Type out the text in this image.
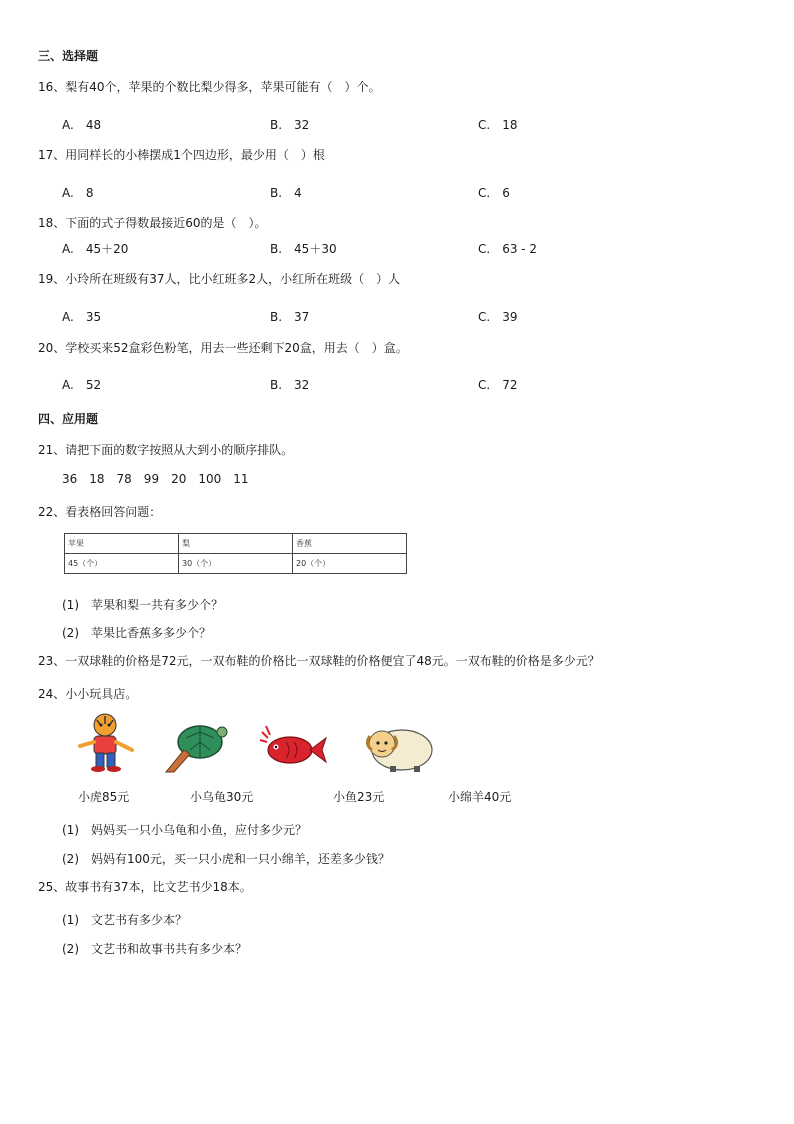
三、选择题
16、梨有40个，苹果的个数比梨少得多，苹果可能有（　）个。
A.　48	B.　32	C.　18
17、用同样长的小棒摆成1个四边形，最少用（　）根
A.　8	B.　4	C.　6
18、下面的式子得数最接近60的是（　）。
A.　45＋20	B.　45＋30	C.　63 - 2
19、小玲所在班级有37人，比小红班多2人，小红所在班级（　）人
A.　35	B.　37	C.　39
20、学校买来52盒彩色粉笔，用去一些还剩下20盒，用去（　）盒。
A.　52	B.　32	C.　72
四、应用题
21、请把下面的数字按照从大到小的顺序排队。
36　18　78　99　20　100　11
22、看表格回答问题：
苹果	梨	香蕉
45（个）	30（个）	20（个）
(1)　苹果和梨一共有多少个？
(2)　苹果比香蕉多多少个？
23、一双球鞋的价格是72元，一双布鞋的价格比一双球鞋的价格便宜了48元。一双布鞋的价格是多少元？
24、小小玩具店。
小虎85元	小乌龟30元	小鱼23元	小绵羊40元
(1)　妈妈买一只小乌龟和小鱼，应付多少元？
(2)　妈妈有100元，买一只小虎和一只小绵羊，还差多少钱？
25、故事书有37本，比文艺书少18本。
(1)　文艺书有多少本？
(2)　文艺书和故事书共有多少本？
